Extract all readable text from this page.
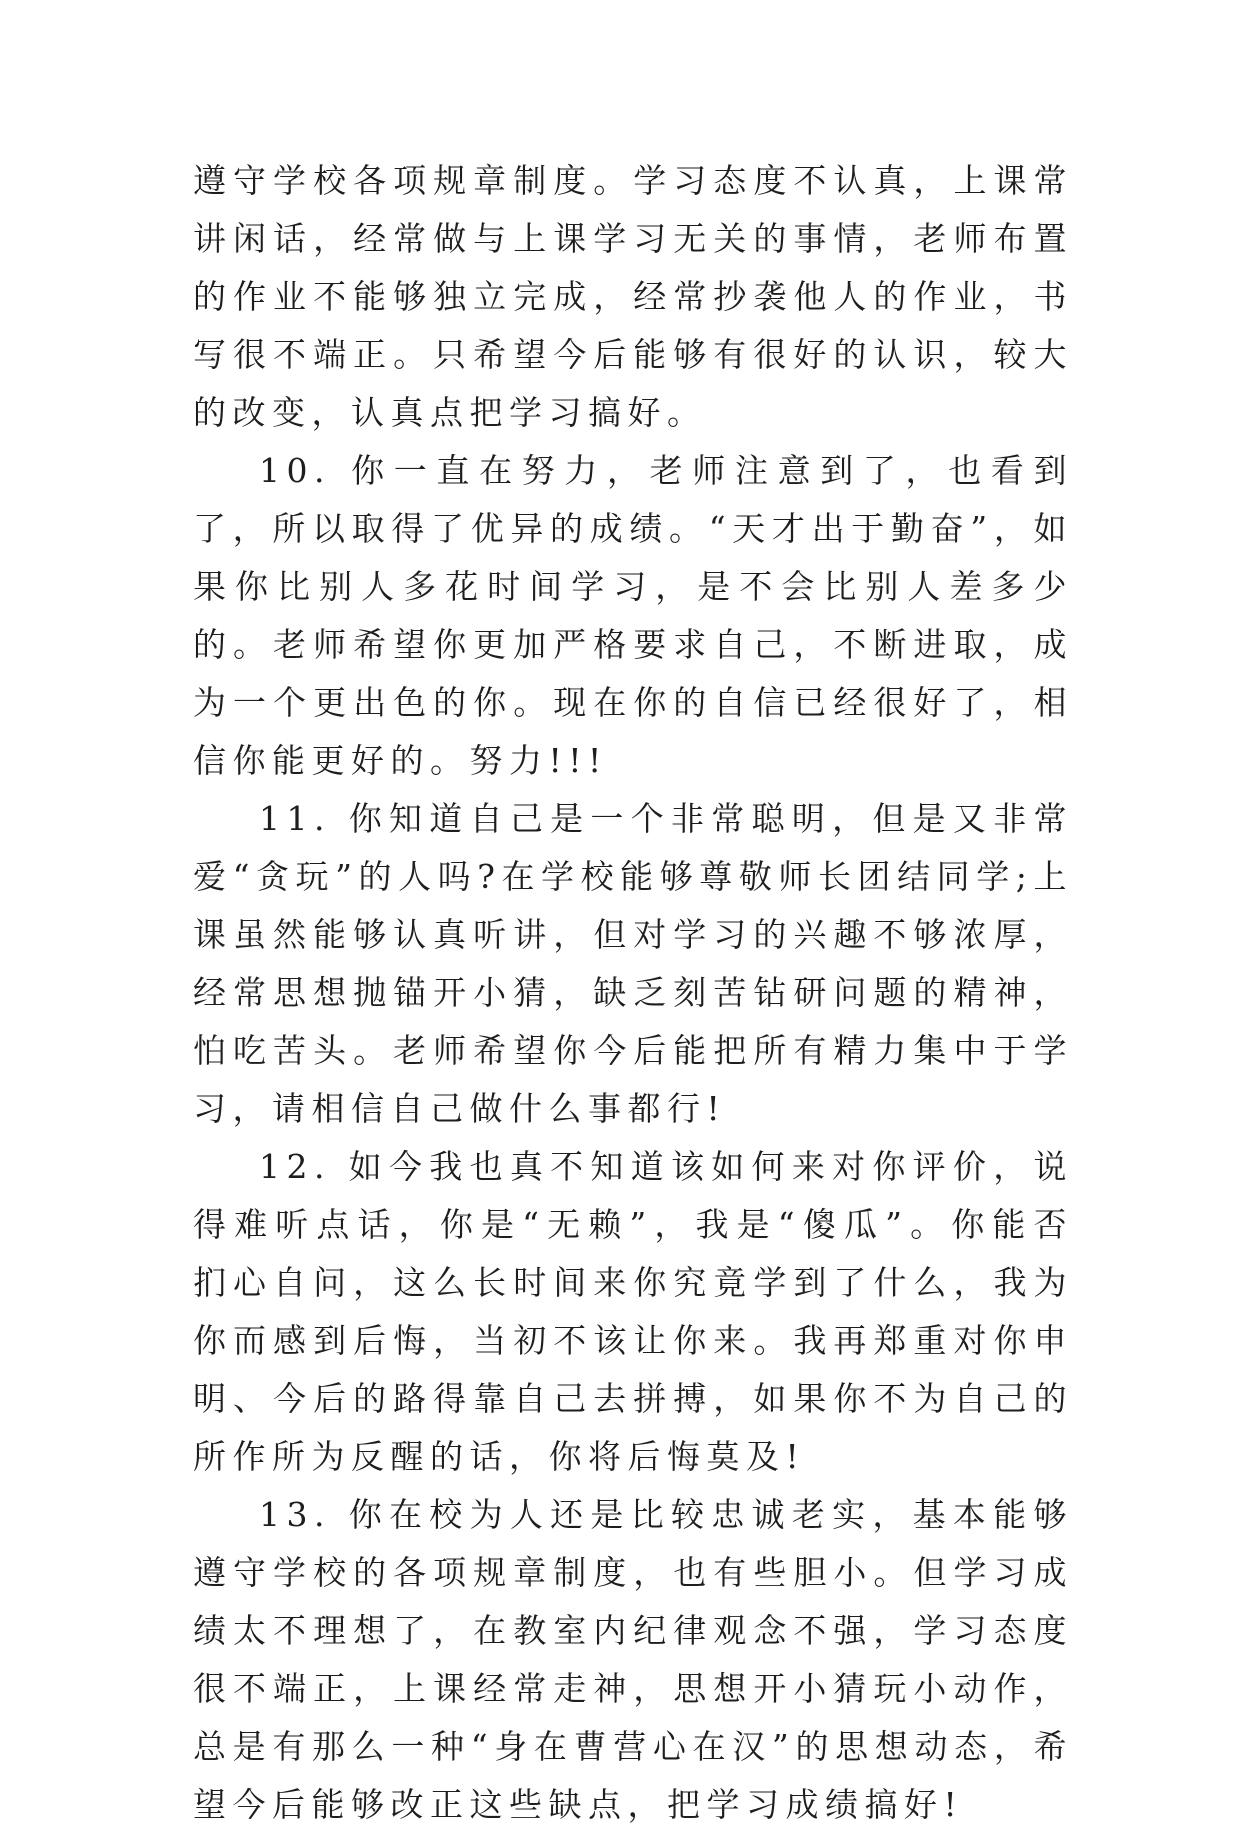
遵守学校各项规章制度。学习态度不认真，上课常讲闲话，经常做与上课学习无关的事情，老师布置的作业不能够独立完成，经常抄袭他人的作业，书写很不端正。只希望今后能够有很好的认识，较大的改变，认真点把学习搞好。

10. 你一直在努力，老师注意到了，也看到了，所以取得了优异的成绩。“天才出于勤奋”，如果你比别人多花时间学习，是不会比别人差多少的。老师希望你更加严格要求自己，不断进取，成为一个更出色的你。现在你的自信已经很好了，相信你能更好的。努力!!!

11. 你知道自己是一个非常聪明，但是又非常爱“贪玩”的人吗?在学校能够尊敬师长团结同学;上课虽然能够认真听讲，但对学习的兴趣不够浓厚，经常思想抛锚开小猜，缺乏刻苦钻研问题的精神，怕吃苦头。老师希望你今后能把所有精力集中于学习，请相信自己做什么事都行!

12. 如今我也真不知道该如何来对你评价，说得难听点话，你是“无赖”，我是“傻瓜”。你能否扪心自问，这么长时间来你究竟学到了什么，我为你而感到后悔，当初不该让你来。我再郑重对你申明、今后的路得靠自己去拼搏，如果你不为自己的所作所为反醒的话，你将后悔莫及!

13. 你在校为人还是比较忠诚老实，基本能够遵守学校的各项规章制度，也有些胆小。但学习成绩太不理想了，在教室内纪律观念不强，学习态度很不端正，上课经常走神，思想开小猜玩小动作，总是有那么一种“身在曹营心在汉”的思想动态，希望今后能够改正这些缺点，把学习成绩搞好!
